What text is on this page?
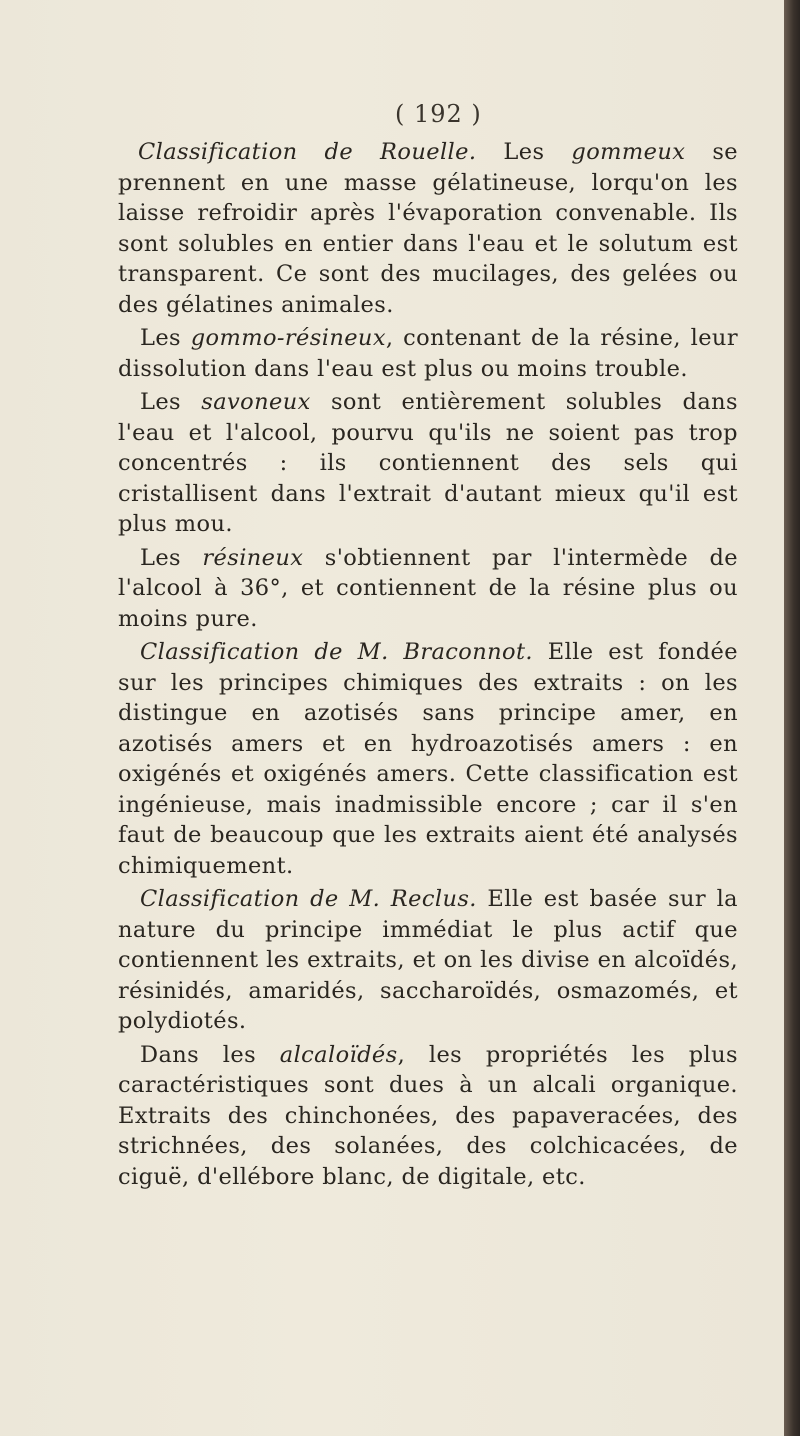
( 192 )

Classification de Rouelle. Les gommeux se prennent en une masse gélatineuse, lorqu'on les laisse refroidir après l'évaporation convenable. Ils sont solubles en entier dans l'eau et le solutum est transparent. Ce sont des mucilages, des gelées ou des gélatines animales.

Les gommo-résineux, contenant de la résine, leur dissolution dans l'eau est plus ou moins trouble.

Les savoneux sont entièrement solubles dans l'eau et l'alcool, pourvu qu'ils ne soient pas trop concentrés : ils contiennent des sels qui cristallisent dans l'extrait d'autant mieux qu'il est plus mou.

Les résineux s'obtiennent par l'intermède de l'alcool à 36°, et contiennent de la résine plus ou moins pure.

Classification de M. Braconnot. Elle est fondée sur les principes chimiques des extraits : on les distingue en azotisés sans principe amer, en azotisés amers et en hydroazotisés amers : en oxigénés et oxigénés amers. Cette classification est ingénieuse, mais inadmissible encore ; car il s'en faut de beaucoup que les extraits aient été analysés chimiquement.

Classification de M. Reclus. Elle est basée sur la nature du principe immédiat le plus actif que contiennent les extraits, et on les divise en alcoïdés, résinidés, amaridés, saccharoïdés, osmazomés, et polydiotés.

Dans les alcaloïdés, les propriétés les plus caractéristiques sont dues à un alcali organique. Extraits des chinchonées, des papaveracées, des strichnées, des solanées, des colchicacées, de ciguë, d'ellébore blanc, de digitale, etc.
